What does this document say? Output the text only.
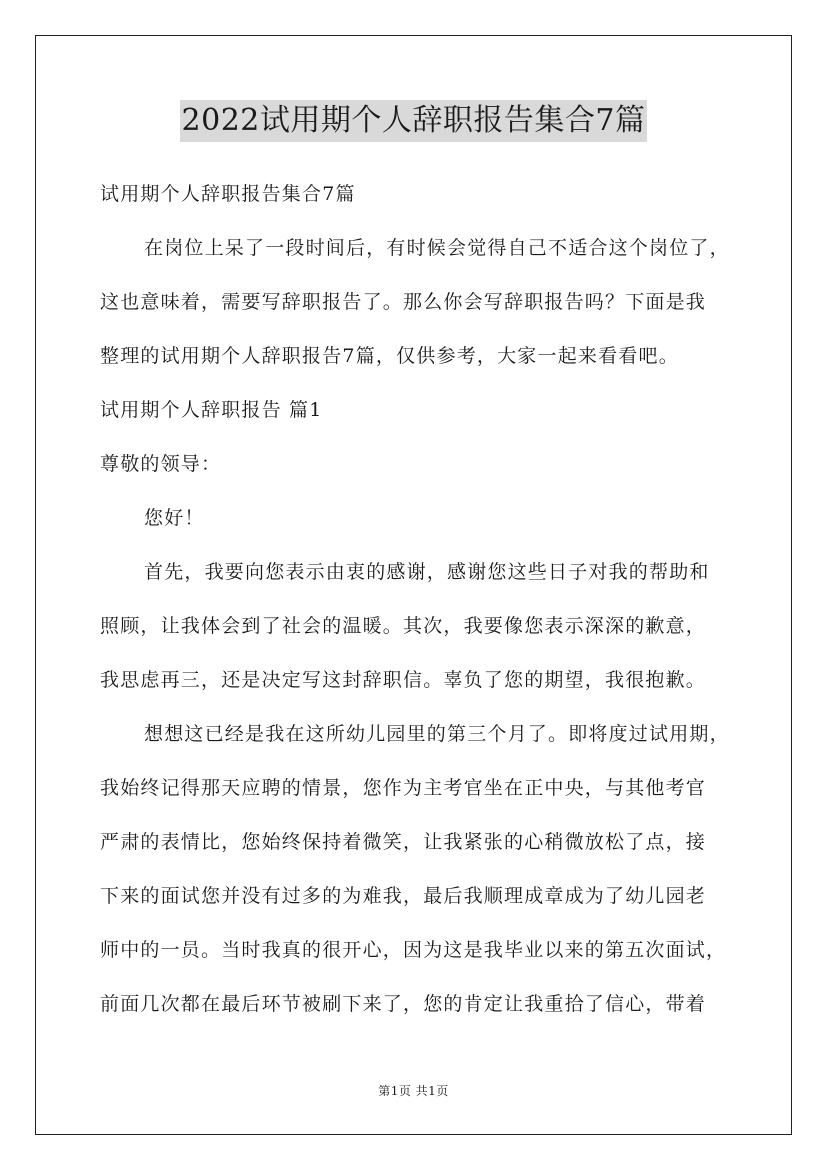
2022试用期个人辞职报告集合7篇
试用期个人辞职报告集合7篇
在岗位上呆了一段时间后，有时候会觉得自己不适合这个岗位了，
这也意味着，需要写辞职报告了。那么你会写辞职报告吗？下面是我
整理的试用期个人辞职报告7篇，仅供参考，大家一起来看看吧。
试用期个人辞职报告 篇1
尊敬的领导：
您好！
首先，我要向您表示由衷的感谢，感谢您这些日子对我的帮助和
照顾，让我体会到了社会的温暖。其次，我要像您表示深深的歉意，
我思虑再三，还是决定写这封辞职信。辜负了您的期望，我很抱歉。
想想这已经是我在这所幼儿园里的第三个月了。即将度过试用期，
我始终记得那天应聘的情景，您作为主考官坐在正中央，与其他考官
严肃的表情比，您始终保持着微笑，让我紧张的心稍微放松了点，接
下来的面试您并没有过多的为难我，最后我顺理成章成为了幼儿园老
师中的一员。当时我真的很开心，因为这是我毕业以来的第五次面试，
前面几次都在最后环节被刷下来了，您的肯定让我重拾了信心，带着
第1页 共1页
